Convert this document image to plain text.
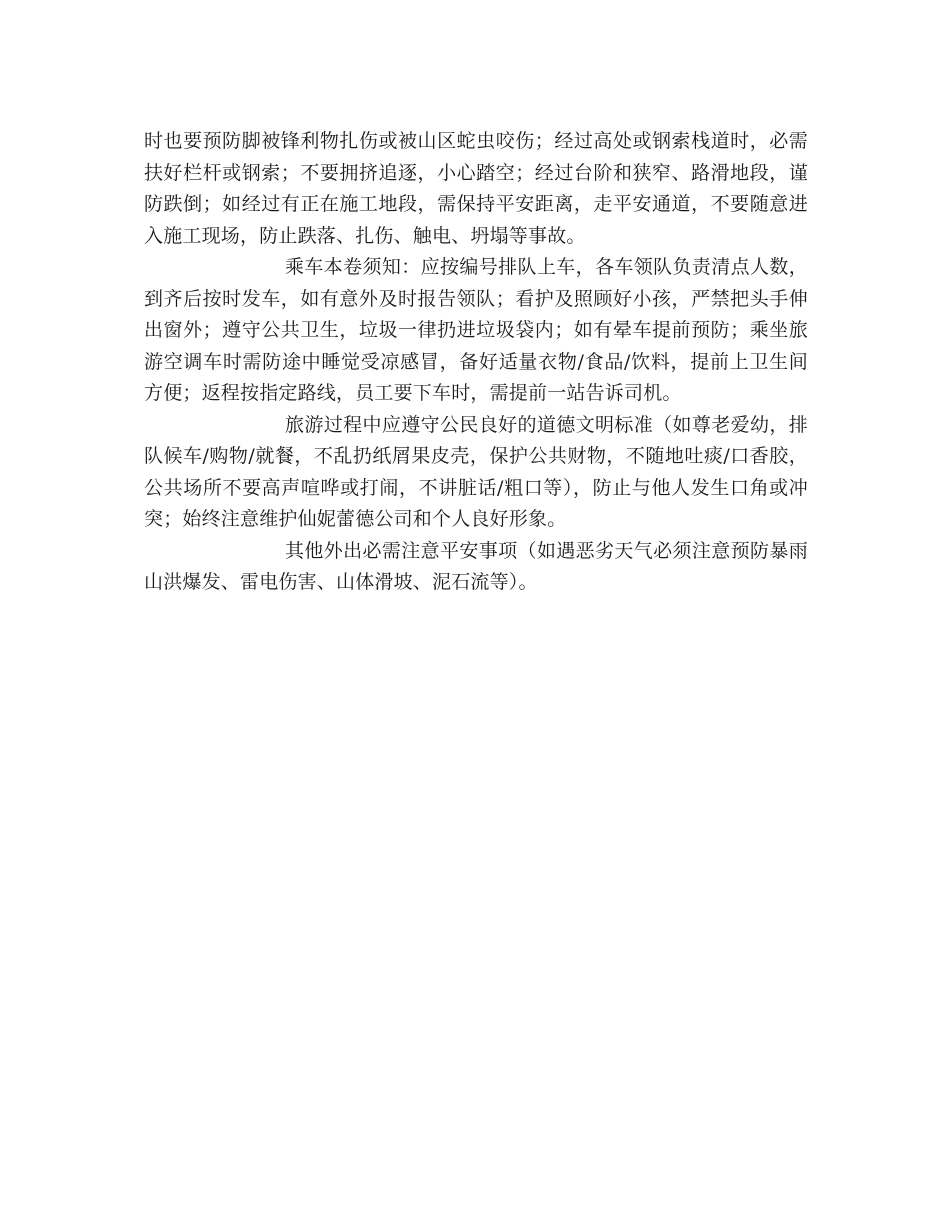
时也要预防脚被锋利物扎伤或被山区蛇虫咬伤；经过高处或钢索栈道时，必需扶好栏杆或钢索；不要拥挤追逐，小心踏空；经过台阶和狭窄、路滑地段，谨防跌倒；如经过有正在施工地段，需保持平安距离，走平安通道，不要随意进入施工现场，防止跌落、扎伤、触电、坍塌等事故。

乘车本卷须知：应按编号排队上车，各车领队负责清点人数，到齐后按时发车，如有意外及时报告领队；看护及照顾好小孩，严禁把头手伸出窗外；遵守公共卫生，垃圾一律扔进垃圾袋内；如有晕车提前预防；乘坐旅游空调车时需防途中睡觉受凉感冒，备好适量衣物/食品/饮料，提前上卫生间方便；返程按指定路线，员工要下车时，需提前一站告诉司机。

旅游过程中应遵守公民良好的道德文明标准（如尊老爱幼，排队候车/购物/就餐，不乱扔纸屑果皮壳，保护公共财物，不随地吐痰/口香胶，公共场所不要高声喧哗或打闹，不讲脏话/粗口等），防止与他人发生口角或冲突；始终注意维护仙妮蕾德公司和个人良好形象。

其他外出必需注意平安事项（如遇恶劣天气必须注意预防暴雨山洪爆发、雷电伤害、山体滑坡、泥石流等）。
